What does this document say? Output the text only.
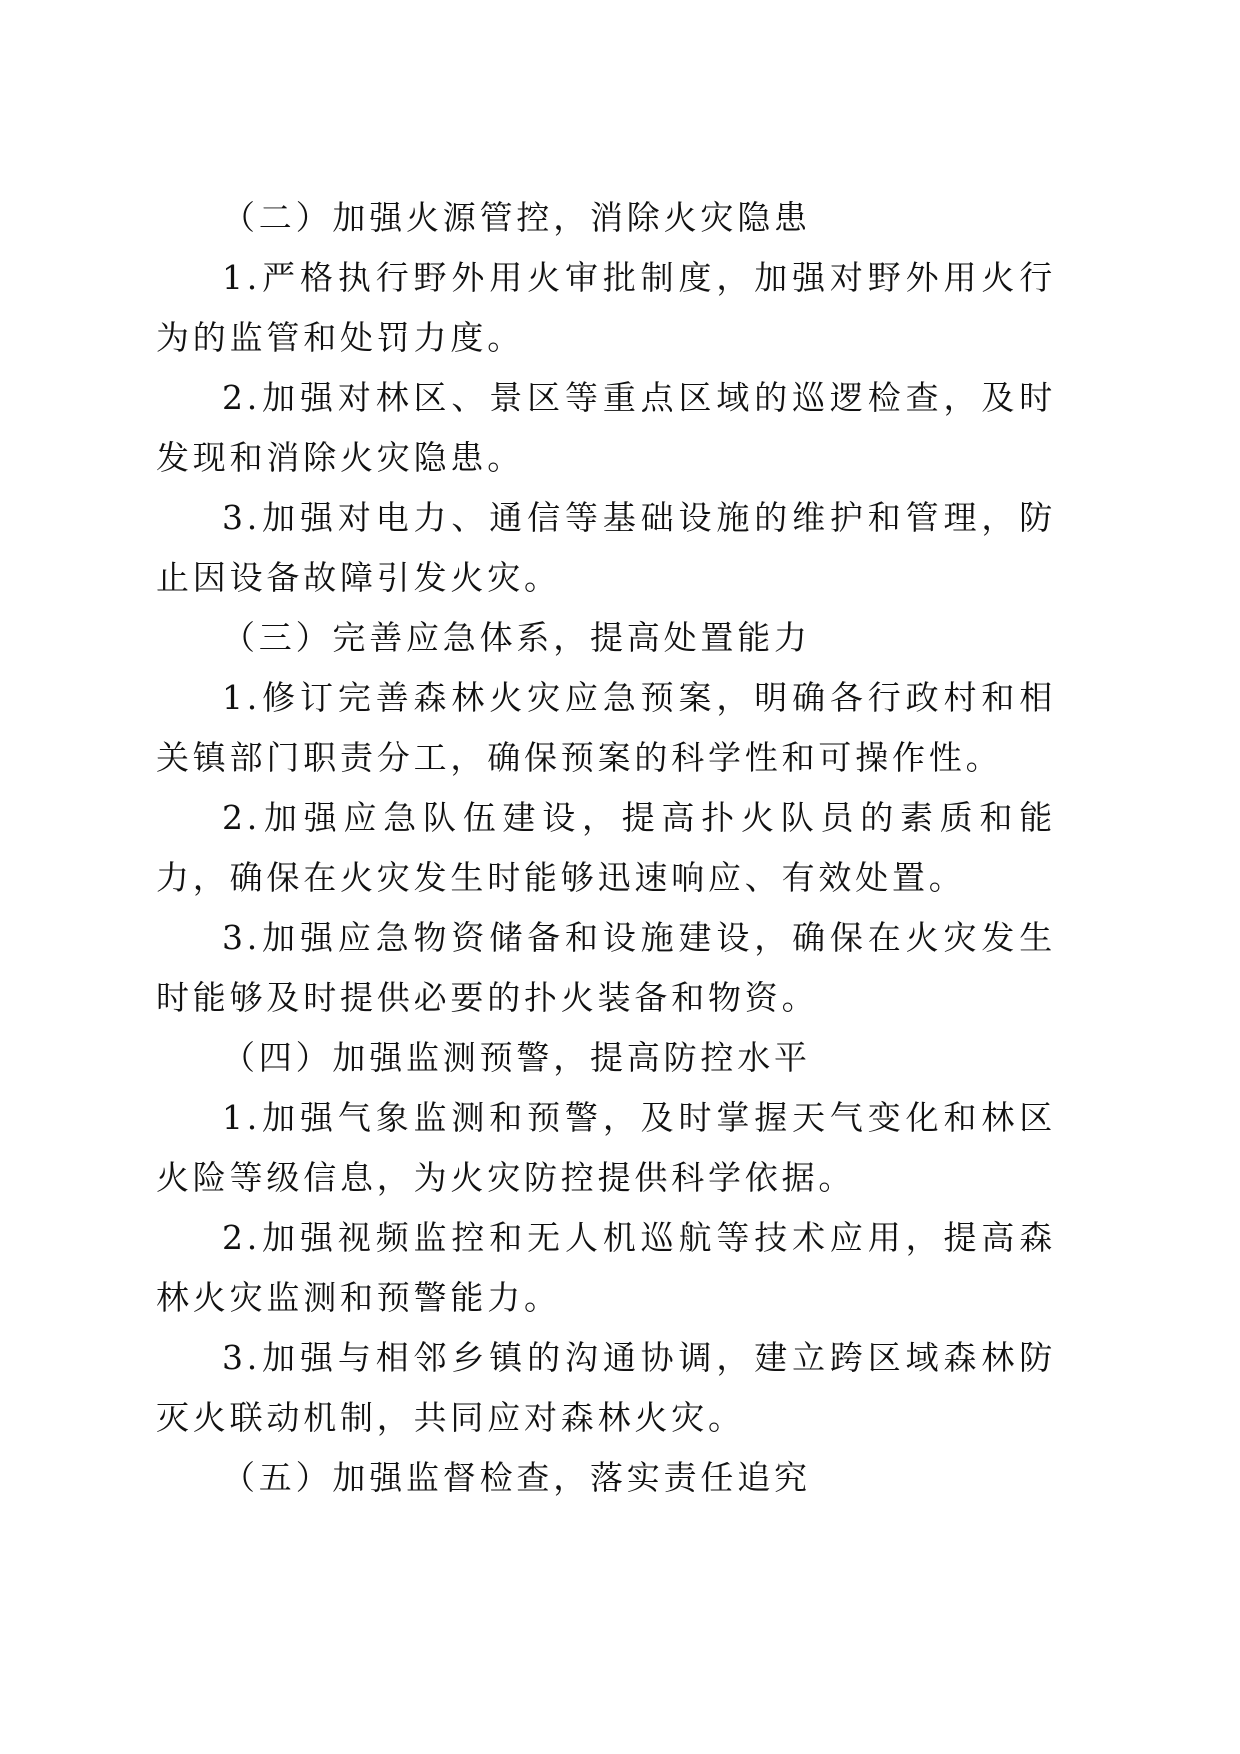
（二）加强火源管控，消除火灾隐患

1.严格执行野外用火审批制度，加强对野外用火行为的监管和处罚力度。

2.加强对林区、景区等重点区域的巡逻检查，及时发现和消除火灾隐患。

3.加强对电力、通信等基础设施的维护和管理，防止因设备故障引发火灾。

（三）完善应急体系，提高处置能力

1.修订完善森林火灾应急预案，明确各行政村和相关镇部门职责分工，确保预案的科学性和可操作性。

2.加强应急队伍建设，提高扑火队员的素质和能力，确保在火灾发生时能够迅速响应、有效处置。

3.加强应急物资储备和设施建设，确保在火灾发生时能够及时提供必要的扑火装备和物资。

（四）加强监测预警，提高防控水平

1.加强气象监测和预警，及时掌握天气变化和林区火险等级信息，为火灾防控提供科学依据。

2.加强视频监控和无人机巡航等技术应用，提高森林火灾监测和预警能力。

3.加强与相邻乡镇的沟通协调，建立跨区域森林防灭火联动机制，共同应对森林火灾。

（五）加强监督检查，落实责任追究
